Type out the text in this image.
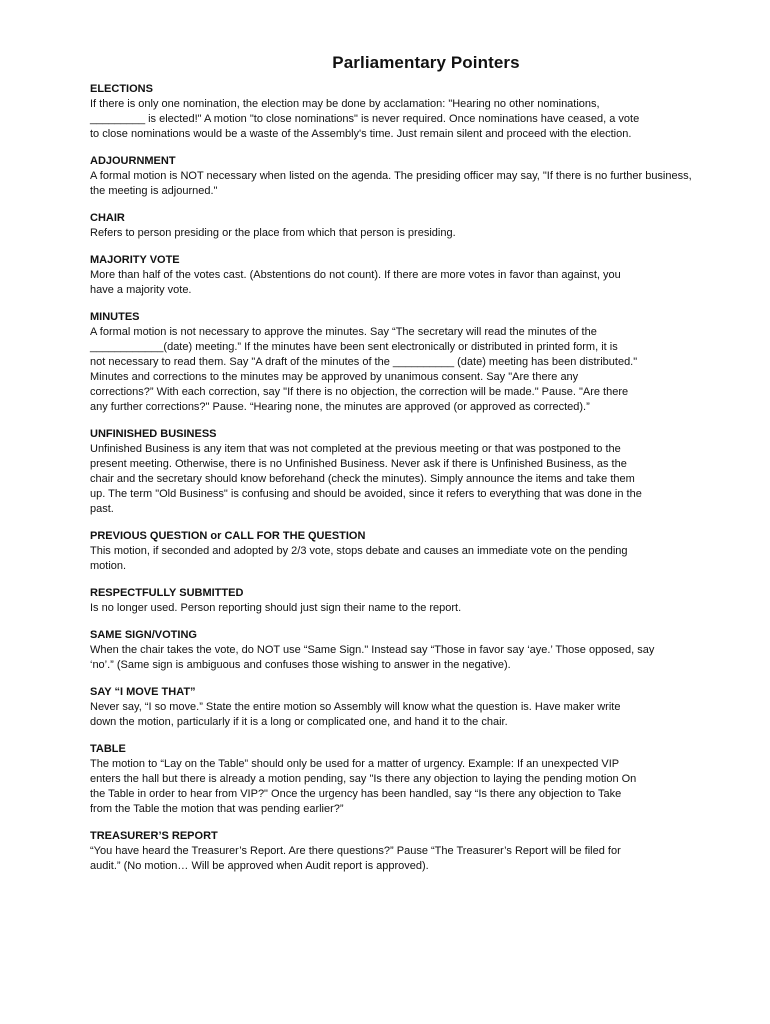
Parliamentary Pointers
ELECTIONS
If there is only one nomination, the election may be done by acclamation: "Hearing no other nominations,
_________ is elected!" A motion "to close nominations" is never required. Once nominations have ceased, a vote
to close nominations would be a waste of the Assembly's time. Just remain silent and proceed with the election.
ADJOURNMENT
A formal motion is NOT necessary when listed on the agenda. The presiding officer may say, "If there is no further business,
the meeting is adjourned."
CHAIR
Refers to person presiding or the place from which that person is presiding.
MAJORITY VOTE
More than half of the votes cast. (Abstentions do not count). If there are more votes in favor than against, you
have a majority vote.
MINUTES
A formal motion is not necessary to approve the minutes. Say “The secretary will read the minutes of the
____________(date) meeting.” If the minutes have been sent electronically or distributed in printed form, it is
not necessary to read them. Say "A draft of the minutes of the __________ (date) meeting has been distributed."
Minutes and corrections to the minutes may be approved by unanimous consent. Say "Are there any
corrections?” With each correction, say "If there is no objection, the correction will be made." Pause. "Are there
any further corrections?" Pause. “Hearing none, the minutes are approved (or approved as corrected).”
UNFINISHED BUSINESS
Unfinished Business is any item that was not completed at the previous meeting or that was postponed to the
present meeting. Otherwise, there is no Unfinished Business. Never ask if there is Unfinished Business, as the
chair and the secretary should know beforehand (check the minutes). Simply announce the items and take them
up. The term "Old Business" is confusing and should be avoided, since it refers to everything that was done in the
past.
PREVIOUS QUESTION or CALL FOR THE QUESTION
This motion, if seconded and adopted by 2/3 vote, stops debate and causes an immediate vote on the pending
motion.
RESPECTFULLY SUBMITTED
Is no longer used. Person reporting should just sign their name to the report.
SAME SIGN/VOTING
When the chair takes the vote, do NOT use “Same Sign." Instead say “Those in favor say ‘aye.’ Those opposed, say
‘no’.” (Same sign is ambiguous and confuses those wishing to answer in the negative).
SAY “I MOVE THAT”
Never say, “I so move.” State the entire motion so Assembly will know what the question is. Have maker write
down the motion, particularly if it is a long or complicated one, and hand it to the chair.
TABLE
The motion to “Lay on the Table” should only be used for a matter of urgency. Example: If an unexpected VIP
enters the hall but there is already a motion pending, say "Is there any objection to laying the pending motion On
the Table in order to hear from VIP?" Once the urgency has been handled, say “Is there any objection to Take
from the Table the motion that was pending earlier?”
TREASURER’S REPORT
“You have heard the Treasurer’s Report. Are there questions?” Pause “The Treasurer’s Report will be filed for
audit.” (No motion… Will be approved when Audit report is approved).
